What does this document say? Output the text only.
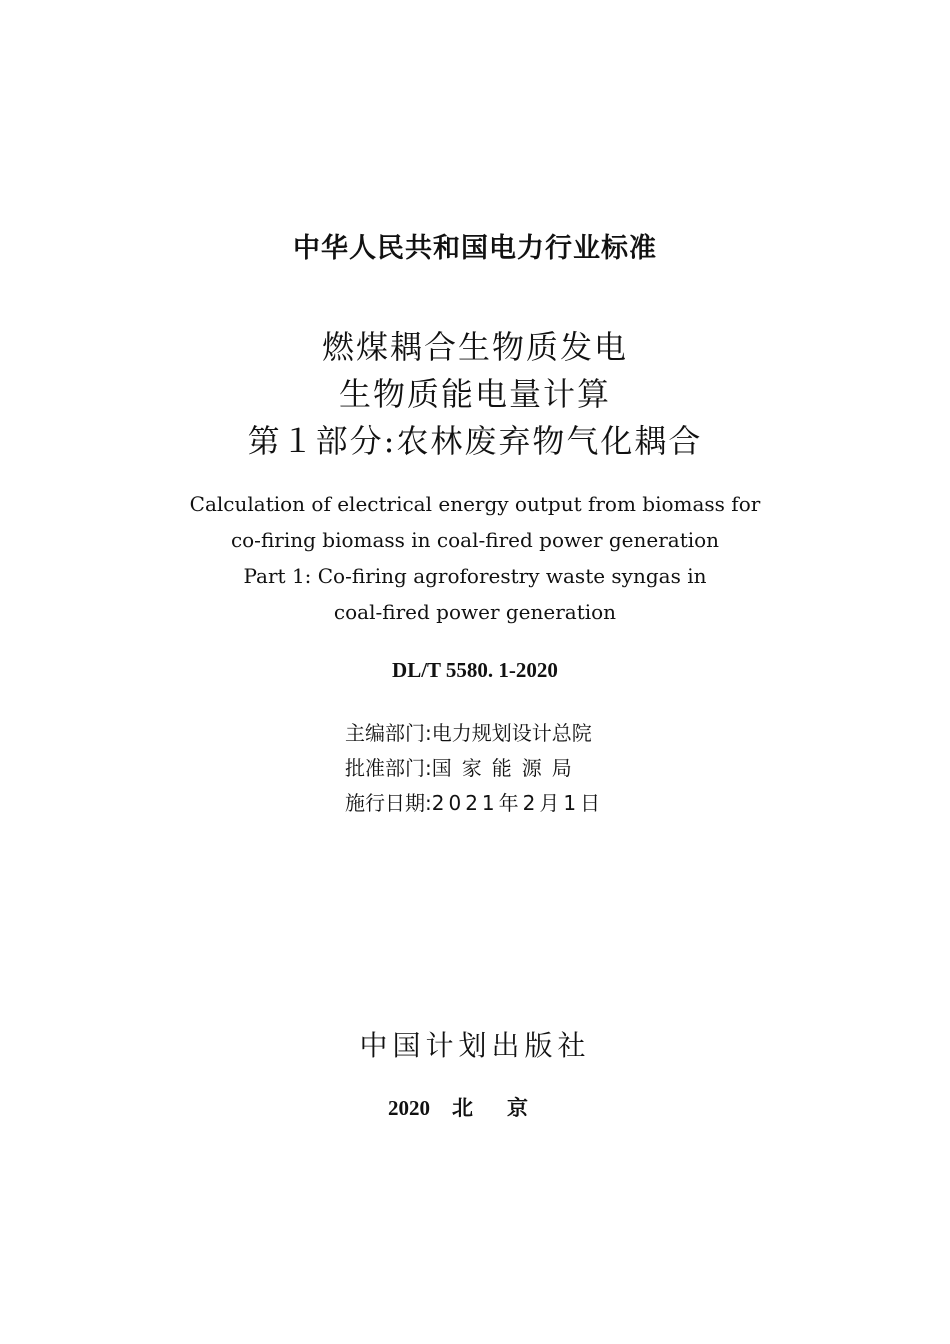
中华人民共和国电力行业标准
燃煤耦合生物质发电
生物质能电量计算
第１部分:农林废弃物气化耦合
Calculation of electrical energy output from biomass for
co-firing biomass in coal-fired power generation
Part 1: Co-firing agroforestry waste syngas in
coal-fired power generation
DL/T 5580. 1-2020
主编部门:电力规划设计总院
批准部门:国家能源局
施行日期:2021年2月1日
中国计划出版社
2020 北京
